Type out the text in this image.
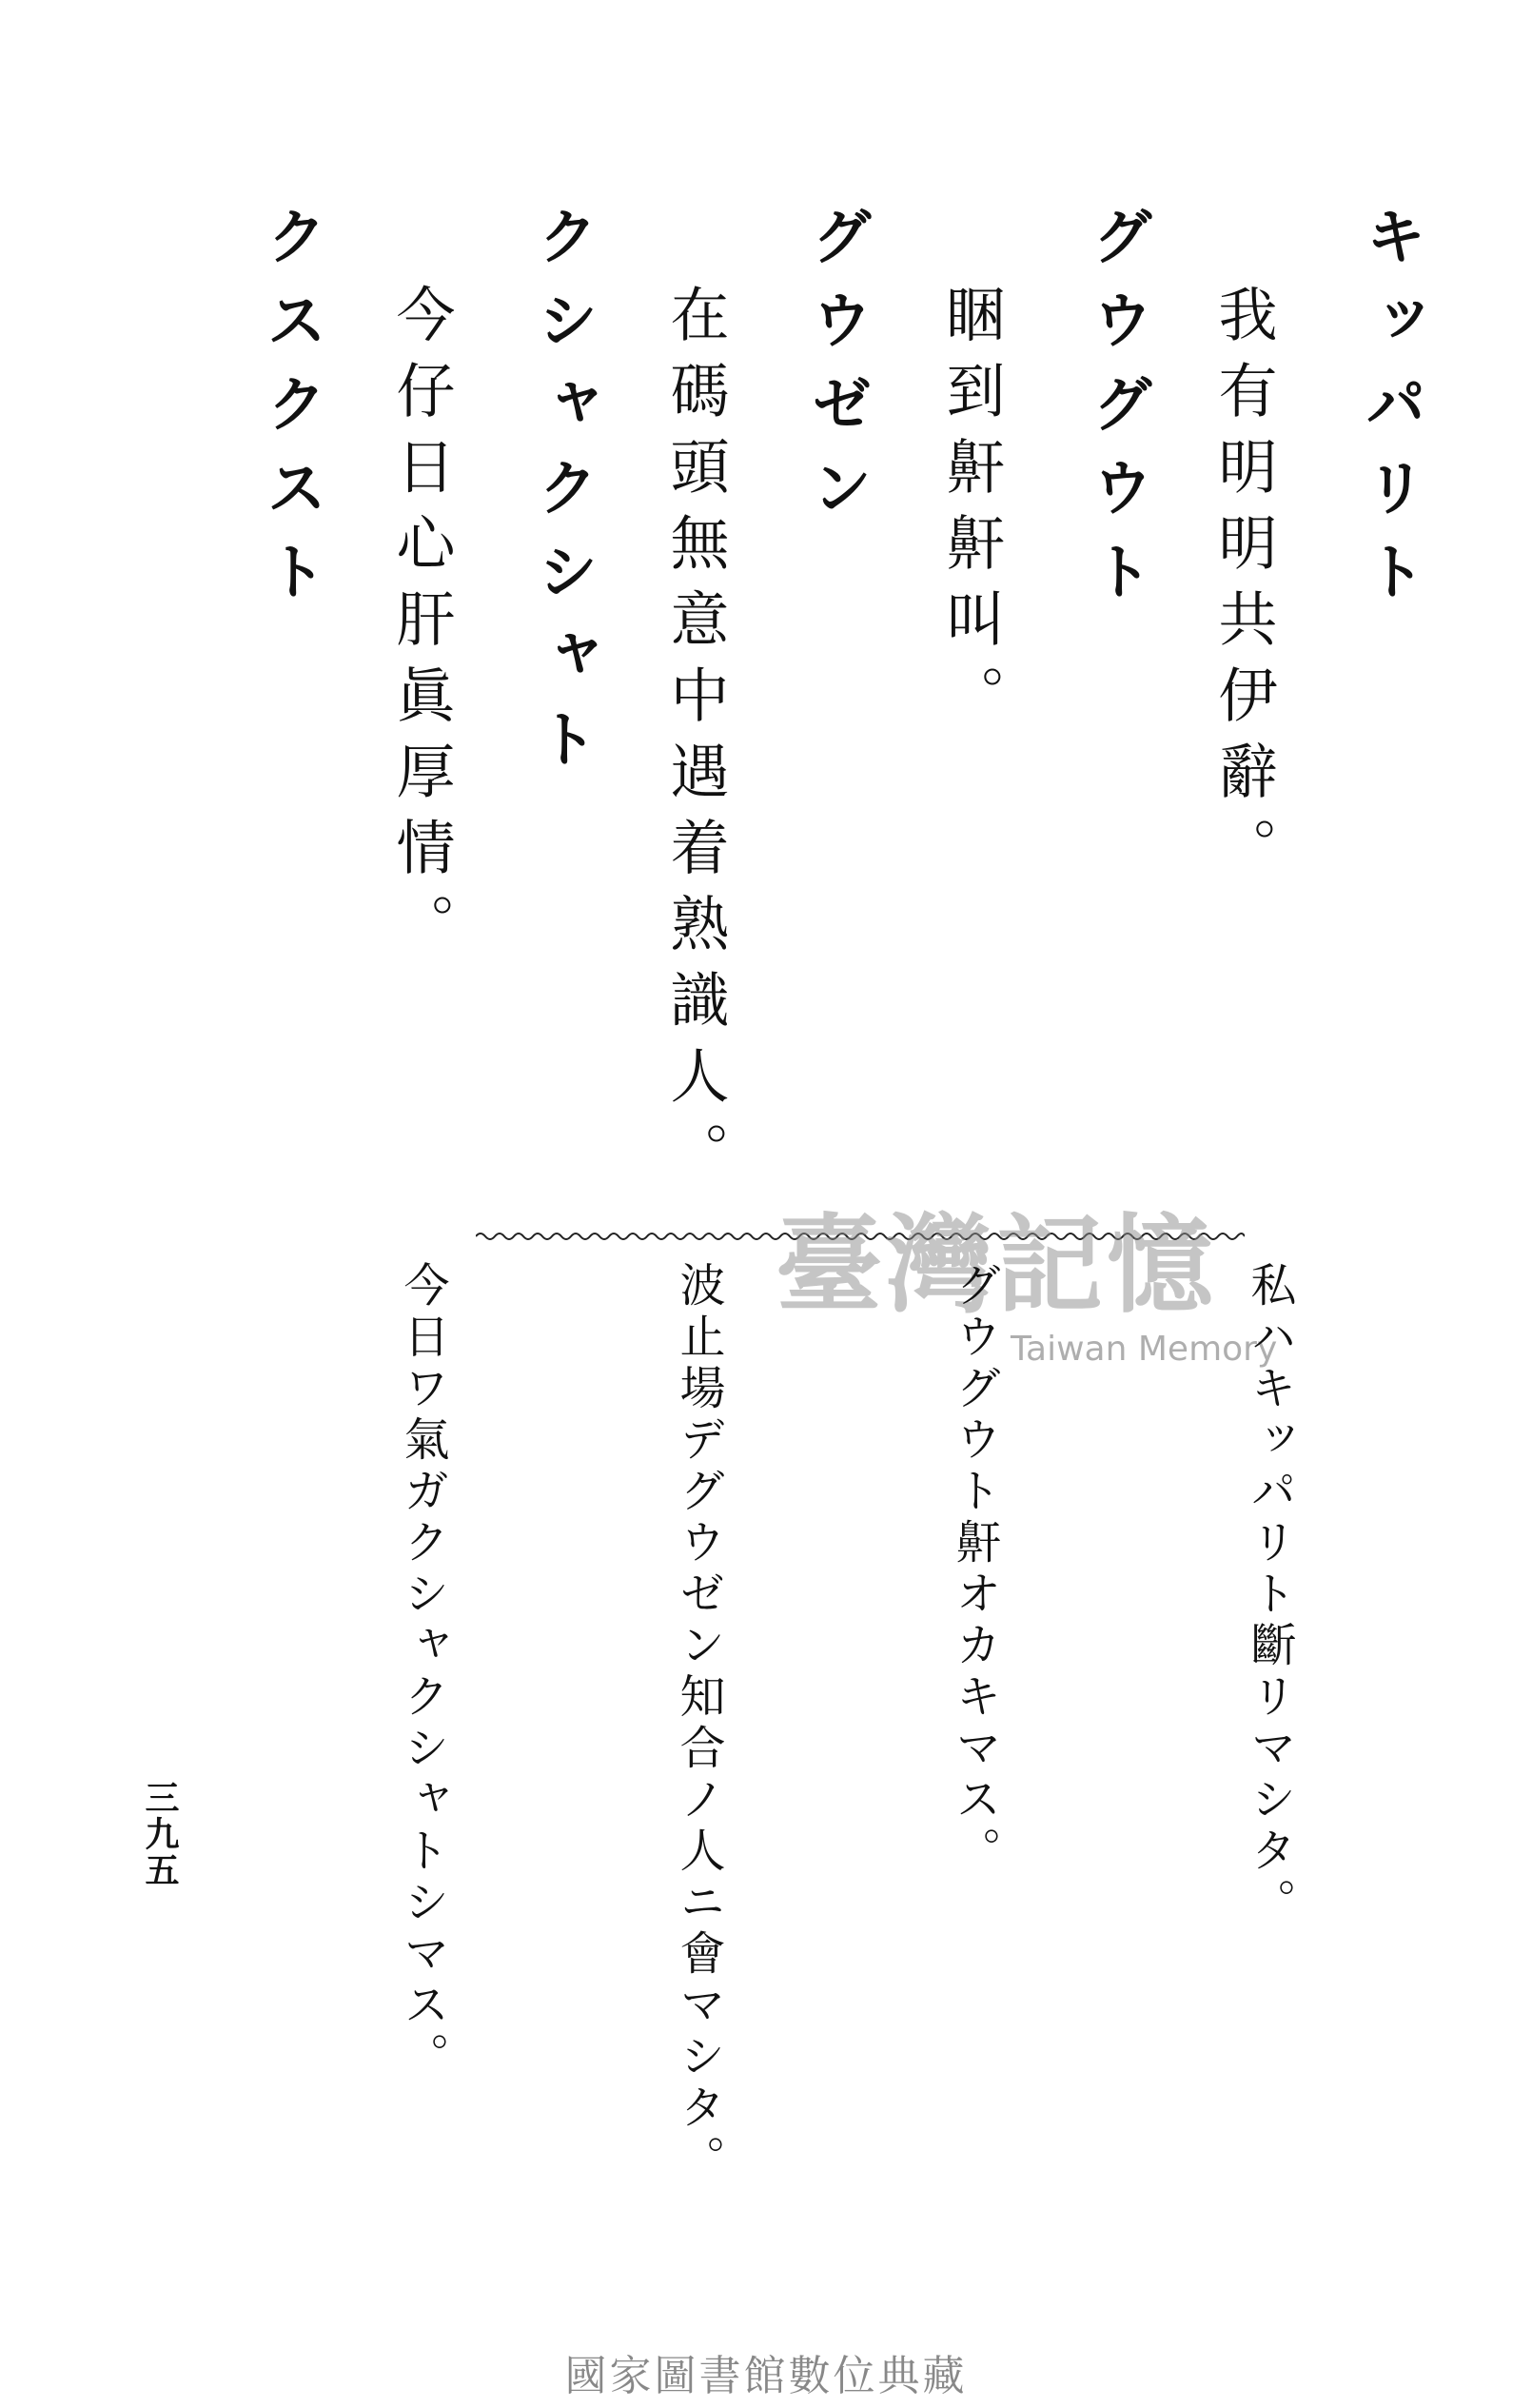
キッパリト
グウグウト
グウゼン
クシャクシャト
クスクスト	我有明明共伊辭。
睏到鼾鼾叫。
在碼頭無意中遇着熟識人。
今仔日心肝眞厚情。
臺灣記憶
Taiwan Memory
私ハキッパリト斷リマシタ。
グウグウト鼾オカキマス。
波止場デグウゼン知合ノ人ニ會マシタ。
今日ワ氣ガクシャクシャトシマス。
三九五
國家圖書館數位典藏
